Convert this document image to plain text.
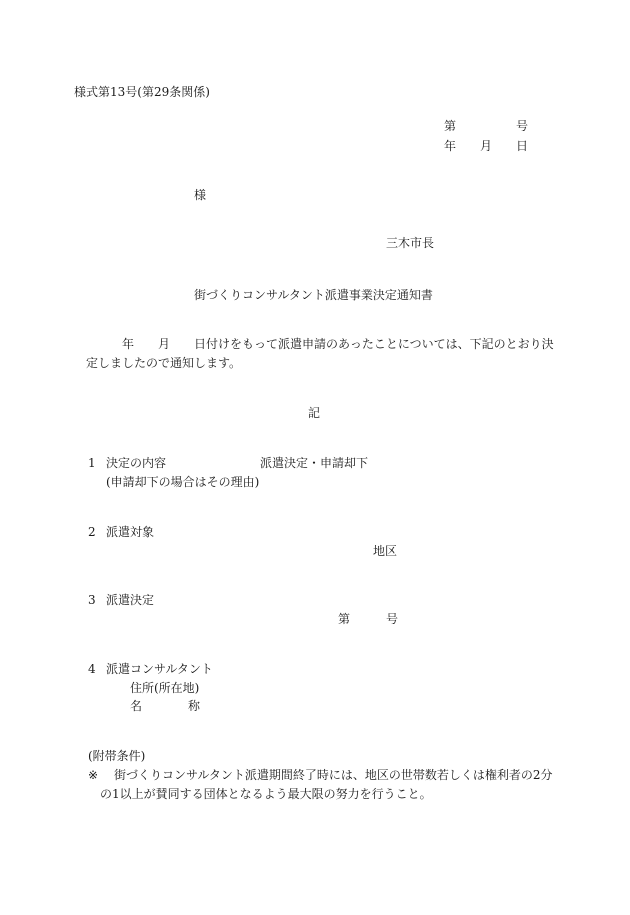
様式第13号(第29条関係)
第	号
年 月 日
様
三木市長
街づくりコンサルタント派遣事業決定通知書
年 月 日付けをもって派遣申請のあったことについては、下記のとおり決
定しましたので通知します。
記
1 決定の内容	派遣決定・申請却下
(申請却下の場合はその理由)
2 派遣対象
地区
3 派遣決定
第	号
4 派遣コンサルタント
住所(所在地)
名	称
(附帯条件)
※ 街づくりコンサルタント派遣期間終了時には、地区の世帯数若しくは権利者の2分
の1以上が賛同する団体となるよう最大限の努力を行うこと。
